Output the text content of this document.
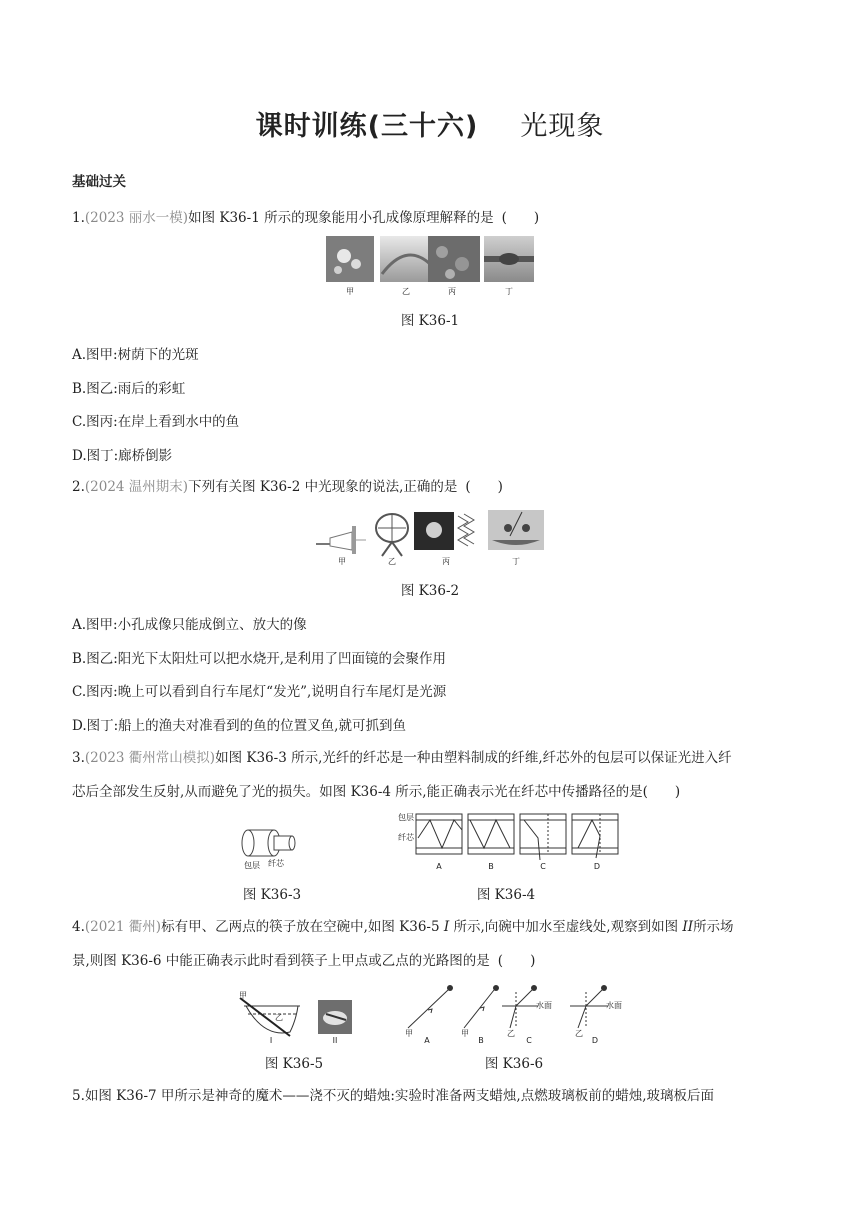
课时训练(三十六) 光现象
基础过关
1.(2023 丽水一模)如图 K36-1 所示的现象能用小孔成像原理解释的是 (　　)
甲	乙	丙	丁
图 K36-1
A.图甲:树荫下的光斑
B.图乙:雨后的彩虹
C.图丙:在岸上看到水中的鱼
D.图丁:廊桥倒影
2.(2024 温州期末)下列有关图 K36-2 中光现象的说法,正确的是 (　　)
甲	乙	丙	丁
图 K36-2
A.图甲:小孔成像只能成倒立、放大的像
B.图乙:阳光下太阳灶可以把水烧开,是利用了凹面镜的会聚作用
C.图丙:晚上可以看到自行车尾灯“发光”,说明自行车尾灯是光源
D.图丁:船上的渔夫对准看到的鱼的位置叉鱼,就可抓到鱼
3.(2023 衢州常山模拟)如图 K36-3 所示,光纤的纤芯是一种由塑料制成的纤维,纤芯外的包层可以保证光进入纤
芯后全部发生反射,从而避免了光的损失。如图 K36-4 所示,能正确表示光在纤芯中传播路径的是(　　)
包层	纤芯
图 K36-3
包层
纤芯
A	B	C	D
图 K36-4
4.(2021 衢州)标有甲、乙两点的筷子放在空碗中,如图 K36-5 I 所示,向碗中加水至虚线处,观察到如图 II所示场
景,则图 K36-6 中能正确表示此时看到筷子上甲点或乙点的光路图的是 (　　)
甲
乙
I	II
图 K36-5
水面	水面
甲	甲	乙	乙
A	B	C	D
图 K36-6
5.如图 K36-7 甲所示是神奇的魔术——浇不灭的蜡烛:实验时准备两支蜡烛,点燃玻璃板前的蜡烛,玻璃板后面
